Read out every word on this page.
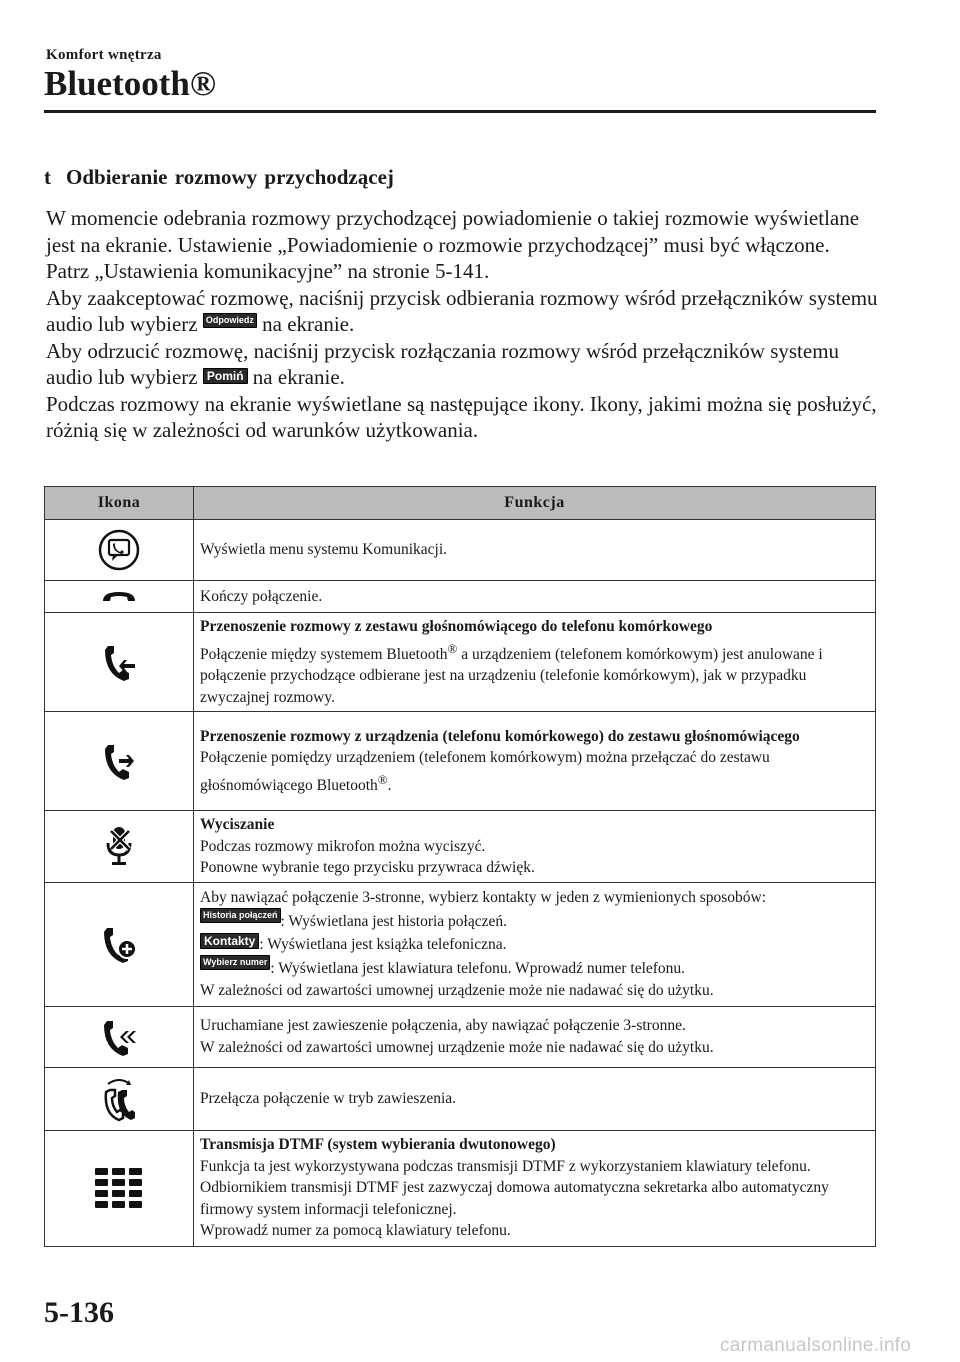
Komfort wnętrza
Bluetooth®
t Odbieranie rozmowy przychodzącej

W momencie odebrania rozmowy przychodzącej powiadomienie o takiej rozmowie wyświetlane jest na ekranie. Ustawienie „Powiadomienie o rozmowie przychodzącej” musi być włączone.

Patrz „Ustawienia komunikacyjne” na stronie 5-141.

Aby zaakceptować rozmowę, naciśnij przycisk odbierania rozmowy wśród przełączników systemu audio lub wybierz Odpowiedz na ekranie.

Aby odrzucić rozmowę, naciśnij przycisk rozłączania rozmowy wśród przełączników systemu audio lub wybierz Pomiń na ekranie.

Podczas rozmowy na ekranie wyświetlane są następujące ikony. Ikony, jakimi można się posłużyć, różnią się w zależności od warunków użytkowania.

Ikona	Funkcja

	Wyświetla menu systemu Komunikacji.

	Kończy połączenie.

Przenoszenie rozmowy z zestawu głośnomówiącego do telefonu komórkowego
Połączenie między systemem Bluetooth® a urządzeniem (telefonem komórkowym) jest anulowane i połączenie przychodzące odbierane jest na urządzeniu (telefonie komórkowym), jak w przypadku zwyczajnej rozmowy.

Przenoszenie rozmowy z urządzenia (telefonu komórkowego) do zestawu głośnomówiącego
Połączenie pomiędzy urządzeniem (telefonem komórkowym) można przełączać do zestawu głośnomówiącego Bluetooth®.

Wyciszanie
Podczas rozmowy mikrofon można wyciszyć.
Ponowne wybranie tego przycisku przywraca dźwięk.

Aby nawiązać połączenie 3-stronne, wybierz kontakty w jeden z wymienionych sposobów:
Historia połączeń : Wyświetlana jest historia połączeń.
Kontakty : Wyświetlana jest książka telefoniczna.
Wybierz numer : Wyświetlana jest klawiatura telefonu. Wprowadź numer telefonu.
W zależności od zawartości umownej urządzenie może nie nadawać się do użytku.

Uruchamiane jest zawieszenie połączenia, aby nawiązać połączenie 3-stronne.
W zależności od zawartości umownej urządzenie może nie nadawać się do użytku.

	Przełącza połączenie w tryb zawieszenia.

Transmisja DTMF (system wybierania dwutonowego)
Funkcja ta jest wykorzystywana podczas transmisji DTMF z wykorzystaniem klawiatury telefonu. Odbiornikiem transmisji DTMF jest zazwyczaj domowa automatyczna sekretarka albo automatyczny firmowy system informacji telefonicznej.
Wprowadź numer za pomocą klawiatury telefonu.
5-136
carmanualsonline.info
